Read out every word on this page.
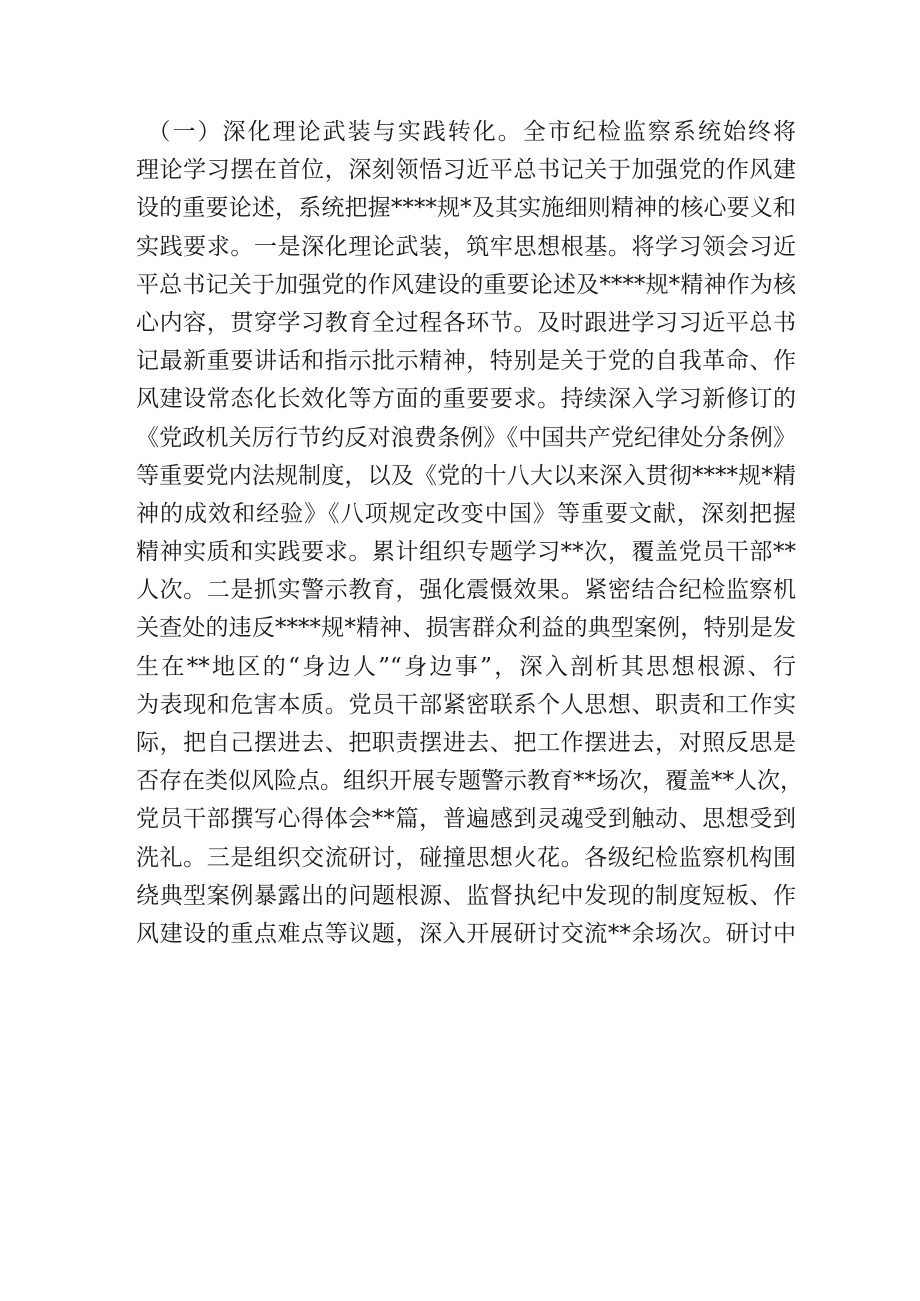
（一）深化理论武装与实践转化。全市纪检监察系统始终将
理论学习摆在首位，深刻领悟习近平总书记关于加强党的作风建
设的重要论述，系统把握****规*及其实施细则精神的核心要义和
实践要求。一是深化理论武装，筑牢思想根基。将学习领会习近
平总书记关于加强党的作风建设的重要论述及****规*精神作为核
心内容，贯穿学习教育全过程各环节。及时跟进学习习近平总书
记最新重要讲话和指示批示精神，特别是关于党的自我革命、作
风建设常态化长效化等方面的重要要求。持续深入学习新修订的
《党政机关厉行节约反对浪费条例》《中国共产党纪律处分条例》
等重要党内法规制度，以及《党的十八大以来深入贯彻****规*精
神的成效和经验》《八项规定改变中国》等重要文献，深刻把握
精神实质和实践要求。累计组织专题学习**次，覆盖党员干部**
人次。二是抓实警示教育，强化震慑效果。紧密结合纪检监察机
关查处的违反****规*精神、损害群众利益的典型案例，特别是发
生在**地区的“身边人”“身边事”，深入剖析其思想根源、行
为表现和危害本质。党员干部紧密联系个人思想、职责和工作实
际，把自己摆进去、把职责摆进去、把工作摆进去，对照反思是
否存在类似风险点。组织开展专题警示教育**场次，覆盖**人次，
党员干部撰写心得体会**篇，普遍感到灵魂受到触动、思想受到
洗礼。三是组织交流研讨，碰撞思想火花。各级纪检监察机构围
绕典型案例暴露出的问题根源、监督执纪中发现的制度短板、作
风建设的重点难点等议题，深入开展研讨交流**余场次。研讨中
